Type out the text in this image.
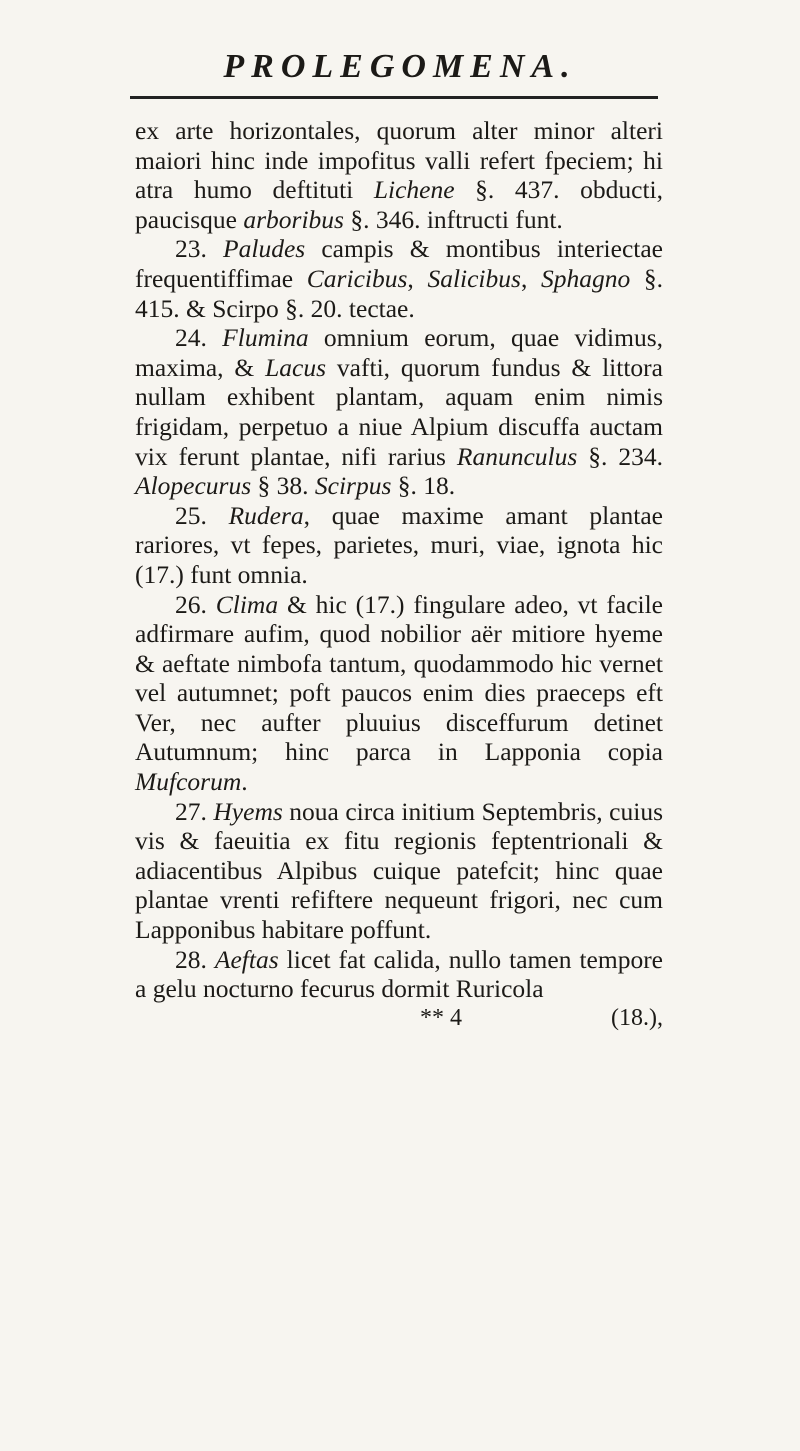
PROLEGOMENA.

ex arte horizontales, quorum alter minor alteri maiori hinc inde impofitus valli refert fpeciem; hi atra humo deftituti Lichene §. 437. obducti, paucisque arboribus §. 346. inftructi funt.

23. Paludes campis & montibus interiectae frequentiffimae Caricibus, Salicibus, Sphagno §. 415. & Scirpo §. 20. tectae.

24. Flumina omnium eorum, quae vidimus, maxima, & Lacus vafti, quorum fundus & littora nullam exhibent plantam, aquam enim nimis frigidam, perpetuo a niue Alpium discuffa auctam vix ferunt plantae, nifi rarius Ranunculus §. 234. Alopecurus § 38. Scirpus §. 18.

25. Rudera, quae maxime amant plantae rariores, vt fepes, parietes, muri, viae, ignota hic (17.) funt omnia.

26. Clima & hic (17.) fingulare adeo, vt facile adfirmare aufim, quod nobilior aër mitiore hyeme & aeftate nimbofa tantum, quodammodo hic vernet vel autumnet; poft paucos enim dies praeceps eft Ver, nec aufter pluuius disceffurum detinet Autumnum; hinc parca in Lapponia copia Mufcorum.

27. Hyems noua circa initium Septembris, cuius vis & faeuitia ex fitu regionis feptentrionali & adiacentibus Alpibus cuique patefcit; hinc quae plantae vrenti refiftere nequeunt frigori, nec cum Lapponibus habitare poffunt.

28. Aeftas licet fat calida, nullo tamen tempore a gelu nocturno fecurus dormit Ruricola

** 4	(18.),
